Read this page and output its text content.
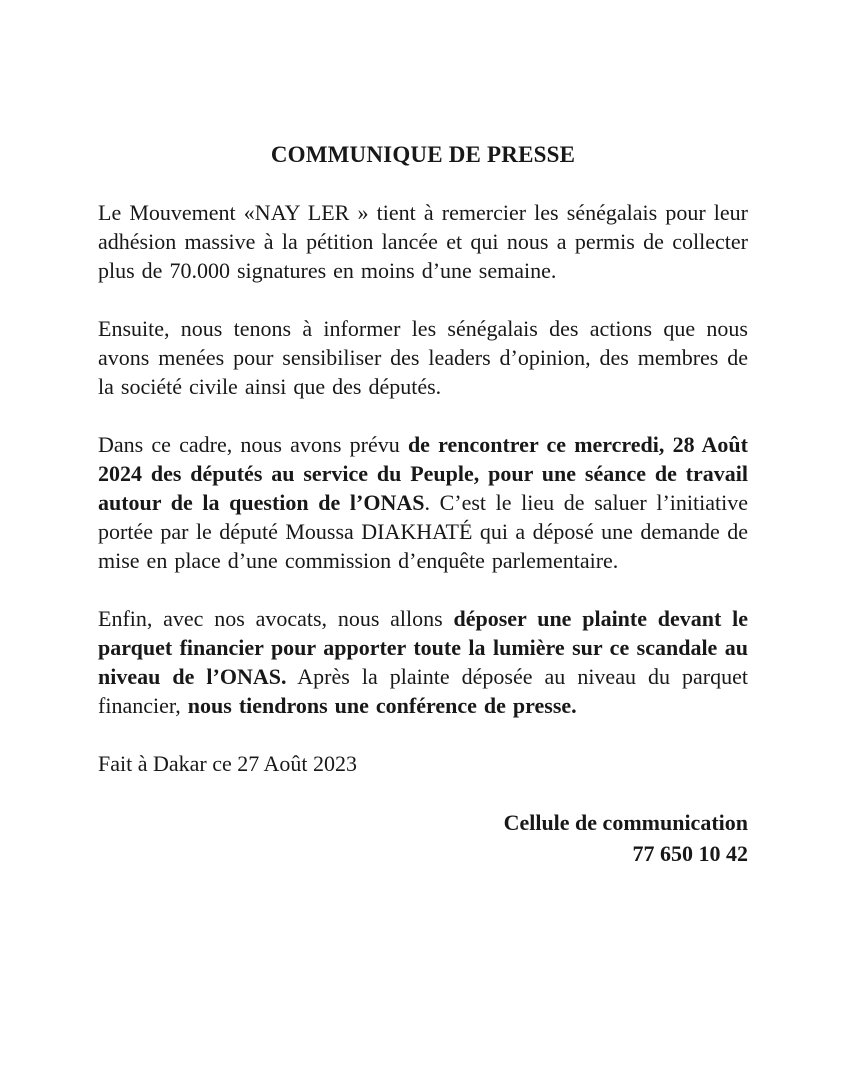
COMMUNIQUE DE PRESSE

Le Mouvement «NAY LER » tient à remercier les sénégalais pour leur adhésion massive à la pétition lancée et qui nous a permis de collecter plus de 70.000 signatures en moins d’une semaine.

Ensuite, nous tenons à informer les sénégalais des actions que nous avons menées pour sensibiliser des leaders d’opinion, des membres de la société civile ainsi que des députés.

Dans ce cadre, nous avons prévu de rencontrer ce mercredi, 28 Août 2024 des députés au service du Peuple, pour une séance de travail autour de la question de l’ONAS. C’est le lieu de saluer l’initiative portée par le député Moussa DIAKHATÉ qui a déposé une demande de mise en place d’une commission d’enquête parlementaire.

Enfin, avec nos avocats, nous allons déposer une plainte devant le parquet financier pour apporter toute la lumière sur ce scandale au niveau de l’ONAS. Après la plainte déposée au niveau du parquet financier, nous tiendrons une conférence de presse.

Fait à Dakar ce 27 Août 2023

Cellule de communication
77 650 10 42
